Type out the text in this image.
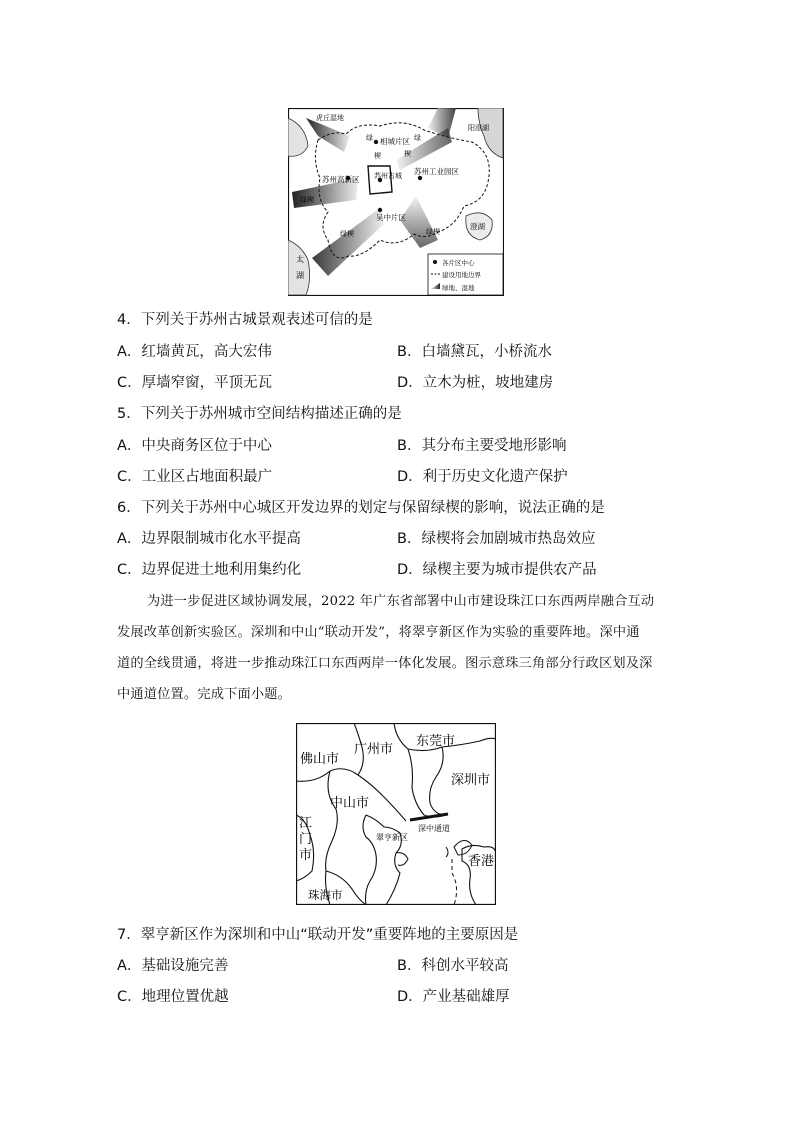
虎丘湿地
相城片区
阳澄湖
绿
楔
绿
楔
苏州高新区 苏州古城 苏州工业园区
绿楔
吴中片区
绿楔	绿楔
澄湖
太
湖
各片区中心
建设用地边界
绿地、湿地
4．下列关于苏州古城景观表述可信的是
A．红墙黄瓦，高大宏伟	B．白墙黛瓦，小桥流水
C．厚墙窄窗，平顶无瓦	D．立木为桩，坡地建房
5．下列关于苏州城市空间结构描述正确的是
A．中央商务区位于中心	B．其分布主要受地形影响
C．工业区占地面积最广	D．利于历史文化遗产保护
6．下列关于苏州中心城区开发边界的划定与保留绿楔的影响，说法正确的是
A．边界限制城市化水平提高	B．绿楔将会加剧城市热岛效应
C．边界促进土地利用集约化	D．绿楔主要为城市提供农产品

为进一步促进区域协调发展，2022 年广东省部署中山市建设珠江口东西两岸融合互动

发展改革创新实验区。深圳和中山“联动开发”，将翠亨新区作为实验的重要阵地。深中通

道的全线贯通，将进一步推动珠江口东西两岸一体化发展。图示意珠三角部分行政区划及深

中通道位置。完成下面小题。

佛山市
广州市
东莞市
深圳市
中山市
江
门
市
翠亨新区
深中通道
香港
珠海市
7．翠亨新区作为深圳和中山“联动开发”重要阵地的主要原因是
A．基础设施完善	B．科创水平较高
C．地理位置优越	D．产业基础雄厚
